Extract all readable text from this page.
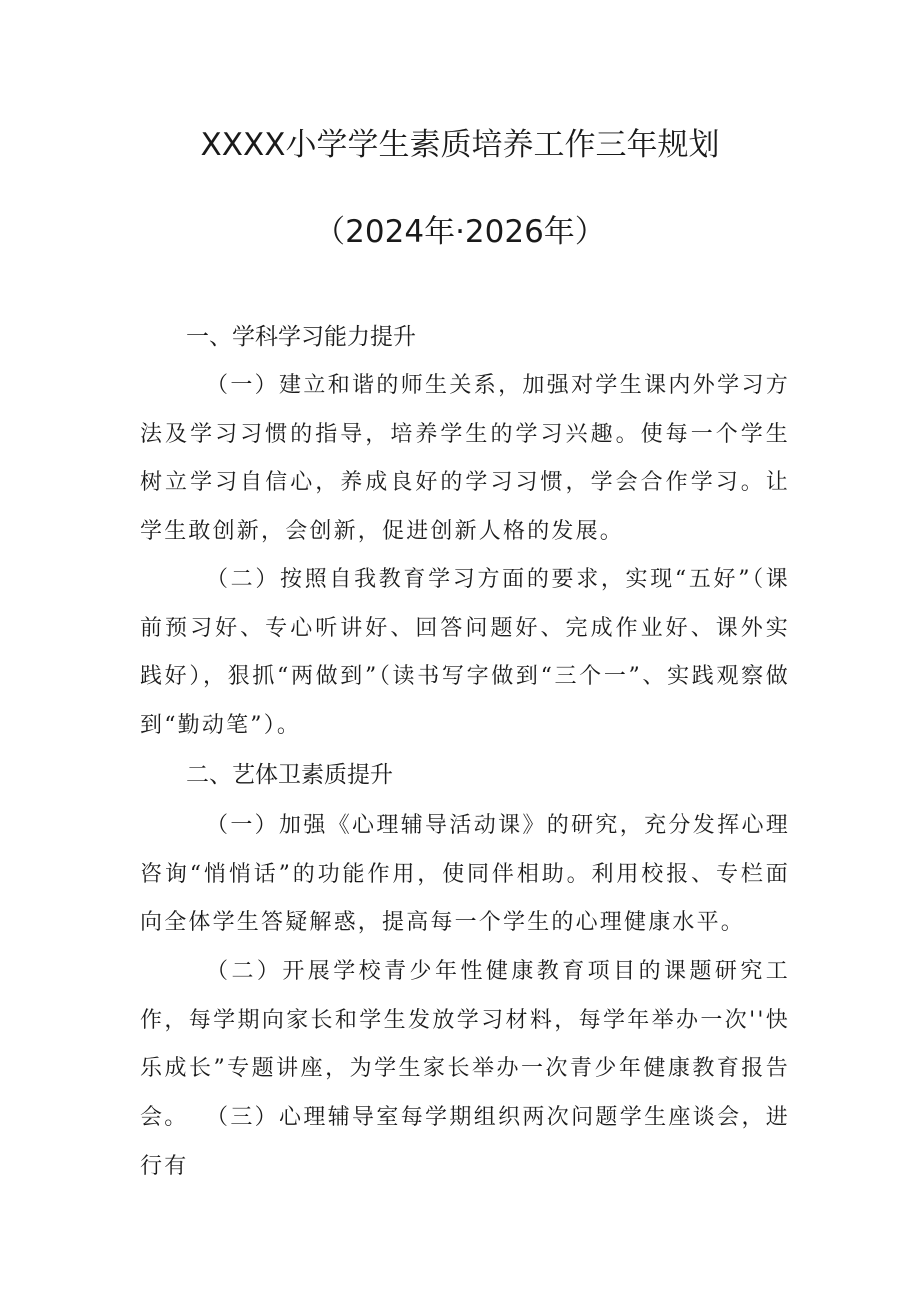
XXXX小学学生素质培养工作三年规划
（2024年·2026年）
一、学科学习能力提升

（一）建立和谐的师生关系，加强对学生课内外学习方法及学习习惯的指导，培养学生的学习兴趣。使每一个学生树立学习自信心，养成良好的学习习惯，学会合作学习。让学生敢创新，会创新，促进创新人格的发展。

（二）按照自我教育学习方面的要求，实现“五好”（课前预习好、专心听讲好、回答问题好、完成作业好、课外实践好），狠抓“两做到”（读书写字做到“三个一”、实践观察做到“勤动笔”）。

二、艺体卫素质提升

（一）加强《心理辅导活动课》的研究，充分发挥心理咨询“悄悄话”的功能作用，使同伴相助。利用校报、专栏面向全体学生答疑解惑，提高每一个学生的心理健康水平。

（二）开展学校青少年性健康教育项目的课题研究工作，每学期向家长和学生发放学习材料，每学年举办一次''快乐成长”专题讲座，为学生家长举办一次青少年健康教育报告会。 （三）心理辅导室每学期组织两次问题学生座谈会，进行有
